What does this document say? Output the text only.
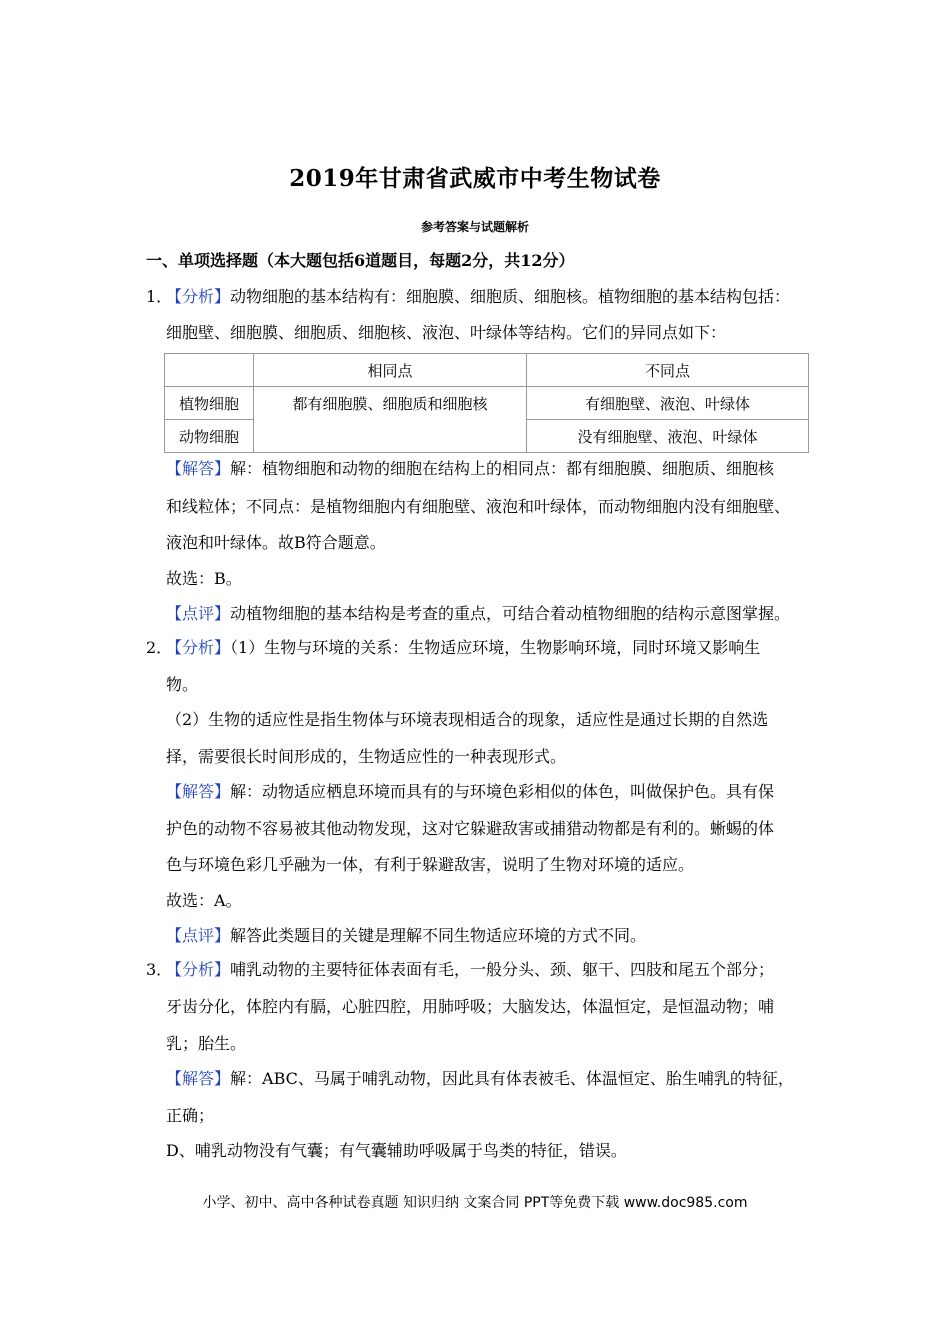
2019年甘肃省武威市中考生物试卷
参考答案与试题解析
一、单项选择题（本大题包括6道题目，每题2分，共12分）
1．
【分析】动物细胞的基本结构有：细胞膜、细胞质、细胞核。植物细胞的基本结构包括：
细胞壁、细胞膜、细胞质、细胞核、液泡、叶绿体等结构。它们的异同点如下：
	相同点	不同点
植物细胞	都有细胞膜、细胞质和细胞核	有细胞壁、液泡、叶绿体
动物细胞		没有细胞壁、液泡、叶绿体
【解答】解：植物细胞和动物的细胞在结构上的相同点：都有细胞膜、细胞质、细胞核
和线粒体；不同点：是植物细胞内有细胞壁、液泡和叶绿体，而动物细胞内没有细胞壁、
液泡和叶绿体。故B符合题意。
故选：B。
【点评】动植物细胞的基本结构是考查的重点，可结合着动植物细胞的结构示意图掌握。
2．
【分析】（1）生物与环境的关系：生物适应环境，生物影响环境，同时环境又影响生
物。
（2）生物的适应性是指生物体与环境表现相适合的现象，适应性是通过长期的自然选
择，需要很长时间形成的，生物适应性的一种表现形式。
【解答】解：动物适应栖息环境而具有的与环境色彩相似的体色，叫做保护色。具有保
护色的动物不容易被其他动物发现，这对它躲避敌害或捕猎动物都是有利的。蜥蜴的体
色与环境色彩几乎融为一体，有利于躲避敌害，说明了生物对环境的适应。
故选：A。
【点评】解答此类题目的关键是理解不同生物适应环境的方式不同。
3．
【分析】哺乳动物的主要特征体表面有毛，一般分头、颈、躯干、四肢和尾五个部分；
牙齿分化，体腔内有膈，心脏四腔，用肺呼吸；大脑发达，体温恒定，是恒温动物；哺
乳；胎生。
【解答】解：ABC、马属于哺乳动物，因此具有体表被毛、体温恒定、胎生哺乳的特征，
正确；
D、哺乳动物没有气囊；有气囊辅助呼吸属于鸟类的特征，错误。
小学、初中、高中各种试卷真题 知识归纳 文案合同 PPT等免费下载 www.doc985.com
